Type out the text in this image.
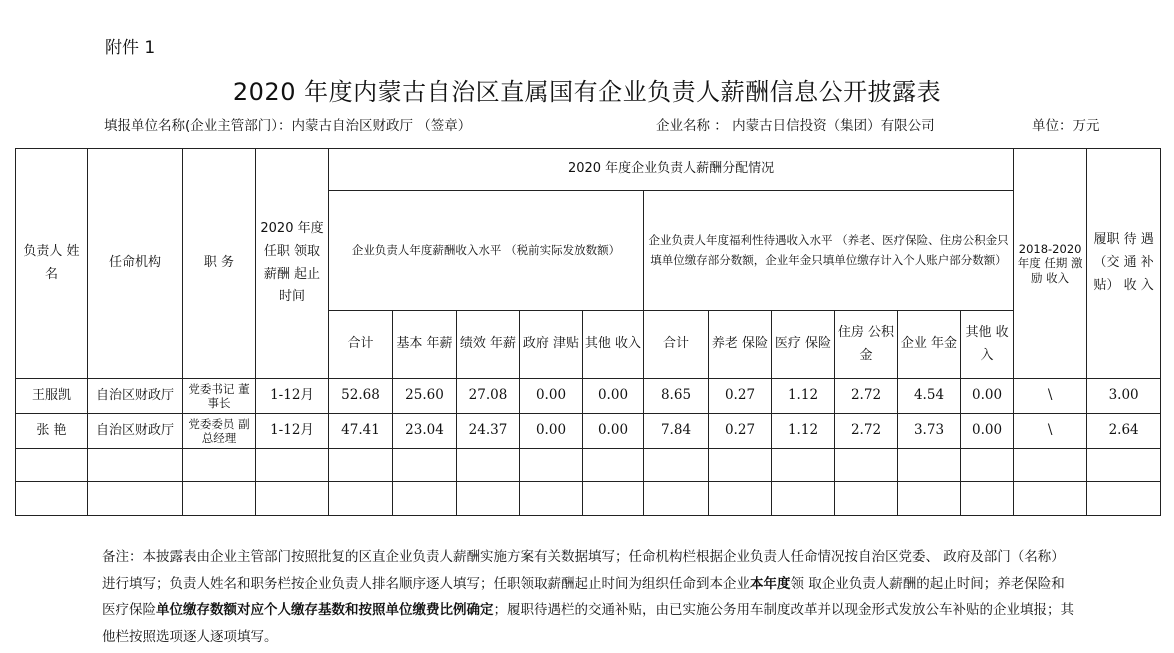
附件 1
2020 年度内蒙古自治区直属国有企业负责人薪酬信息公开披露表
填报单位名称(企业主管部门）：内蒙古自治区财政厅 （签章）	企业名称 ： 内蒙古日信投资（集团）有限公司	单位：万元
负责人 姓 名	任命机构	职 务	2020 年度 任职 领取 薪酬 起止 时间	2020 年度企业负责人薪酬分配情况											2018-2020 年度 任期 激励 收入	履职 待 遇 （交 通 补 贴） 收 入
				企业负责人年度薪酬收入水平 （税前实际发放数额）					企业负责人年度福利性待遇收入水平 （养老、医疗保险、住房公积金只填单位缴存部分数额，企业年金只填单位缴存计入个人账户部分数额）							
				合计	基本 年薪	绩效 年薪	政府 津贴	其他 收入	合计	养老 保险	医疗 保险	住房 公积金	企业 年金	其他 收入		
王服凯	自治区财政厅	党委书记 董事长	1-12月	52.68	25.60	27.08	0.00	0.00	8.65	0.27	1.12	2.72	4.54	0.00	\	3.00
张 艳	自治区财政厅	党委委员 副总经理	1-12月	47.41	23.04	24.37	0.00	0.00	7.84	0.27	1.12	2.72	3.73	0.00	\	2.64

备注：本披露表由企业主管部门按照批复的区直企业负责人薪酬实施方案有关数据填写；任命机构栏根据企业负责人任命情况按自治区党委、 政府及部门（名称） 进行填写；负责人姓名和职务栏按企业负责人排名顺序逐人填写；任职领取薪酬起止时间为组织任命到本企业本年度领 取企业负责人薪酬的起止时间；养老保险和医疗保险单位缴存数额对应个人缴存基数和按照单位缴费比例确定；履职待遇栏的交通补贴，由已实施公务用车制度改革并以现金形式发放公车补贴的企业填报；其他栏按照选项逐人逐项填写。
